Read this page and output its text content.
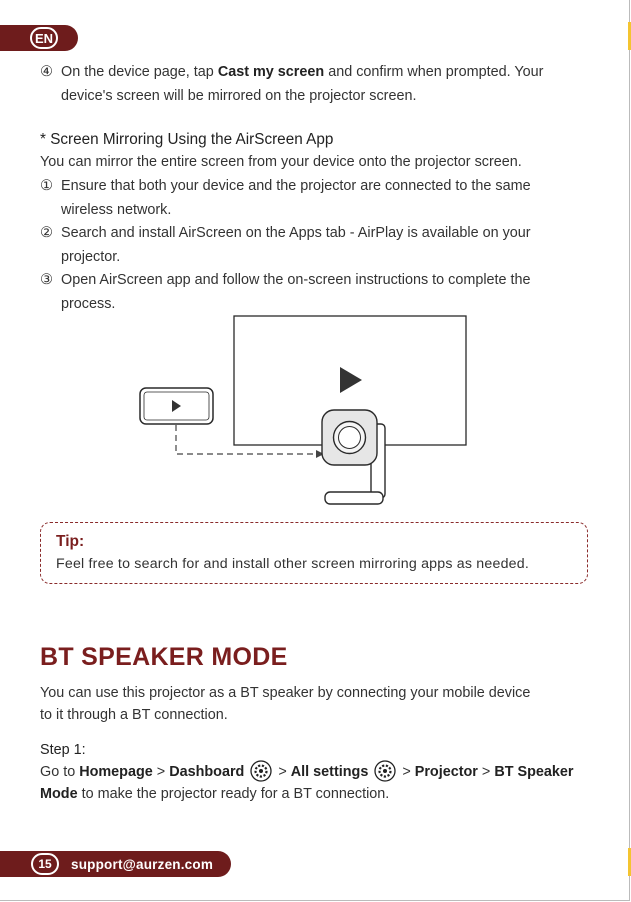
EN
④ On the device page, tap Cast my screen and confirm when prompted. Your
device's screen will be mirrored on the projector screen.
* Screen Mirroring Using the AirScreen App
You can mirror the entire screen from your device onto the projector screen.
① Ensure that both your device and the projector are connected to the same
wireless network.
② Search and install AirScreen on the Apps tab - AirPlay is available on your
projector.
③ Open AirScreen app and follow the on-screen instructions to complete the
process.
Tip:
Feel free to search for and install other screen mirroring apps as needed.
BT SPEAKER MODE
You can use this projector as a BT speaker by connecting your mobile device
to it through a BT connection.
Step 1:
Go to Homepage > Dashboard  > All settings  > Projector > BT Speaker
Mode to make the projector ready for a BT connection.
15	support@aurzen.com
